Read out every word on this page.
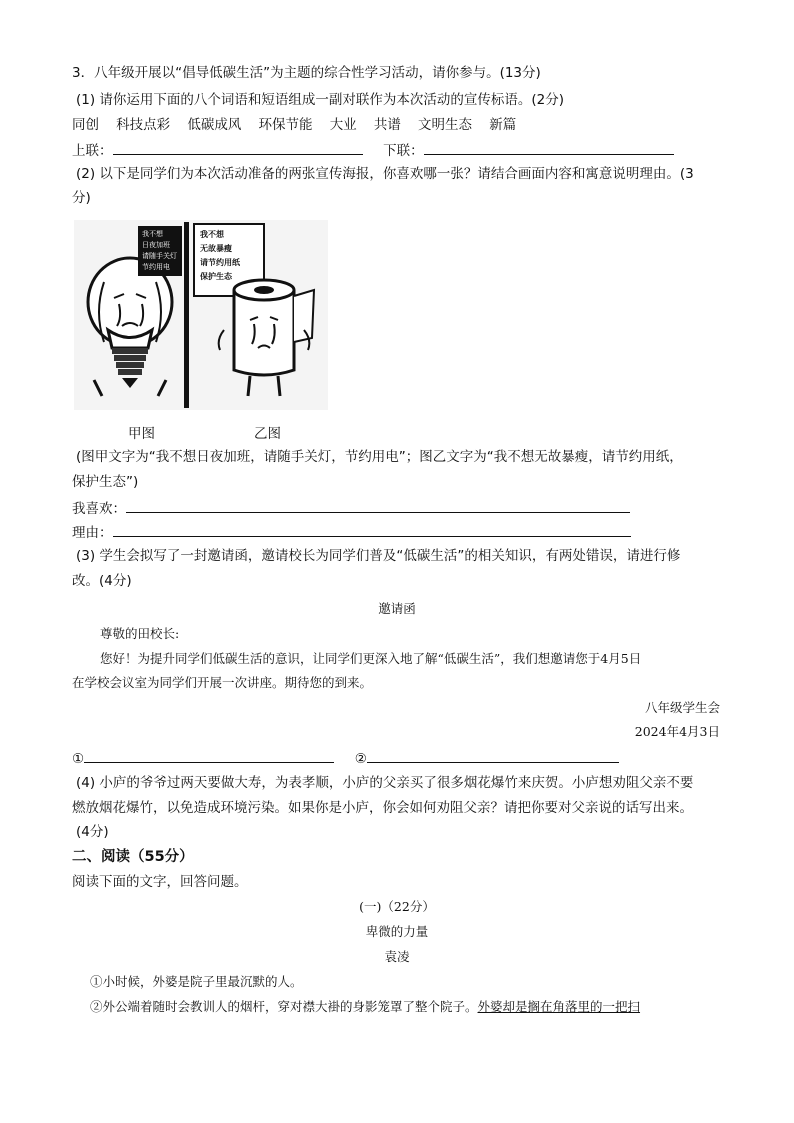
3．八年级开展以“倡导低碳生活”为主题的综合性学习活动，请你参与。(13分)
(1) 请你运用下面的八个词语和短语组成一副对联作为本次活动的宣传标语。(2分)
同创 科技点彩 低碳成风 环保节能 大业 共谱 文明生态 新篇
上联：	下联：
(2) 以下是同学们为本次活动准备的两张宣传海报，你喜欢哪一张？请结合画面内容和寓意说明理由。(3
分)
我不想
日夜加班
请随手关灯
节约用电
我不想
无故暴瘦
请节约用纸
保护生态
甲图	乙图
(图甲文字为“我不想日夜加班，请随手关灯，节约用电”；图乙文字为“我不想无故暴瘦，请节约用纸，
保护生态”)
我喜欢：
理由：
(3) 学生会拟写了一封邀请函，邀请校长为同学们普及“低碳生活”的相关知识，有两处错误，请进行修
改。(4分)
邀请函
尊敬的田校长:
您好！为提升同学们低碳生活的意识，让同学们更深入地了解“低碳生活”，我们想邀请您于4月5日
在学校会议室为同学们开展一次讲座。期待您的到来。
八年级学生会
2024年4月3日
①	②
(4) 小庐的爷爷过两天要做大寿，为表孝顺，小庐的父亲买了很多烟花爆竹来庆贺。小庐想劝阻父亲不要
燃放烟花爆竹，以免造成环境污染。如果你是小庐，你会如何劝阻父亲？请把你要对父亲说的话写出来。
(4分)
二、阅读（55分）
阅读下面的文字，回答问题。
(一)（22分）
卑微的力量
袁凌
①小时候，外婆是院子里最沉默的人。
②外公端着随时会教训人的烟杆，穿对襟大褂的身影笼罩了整个院子。外婆却是搁在角落里的一把扫
